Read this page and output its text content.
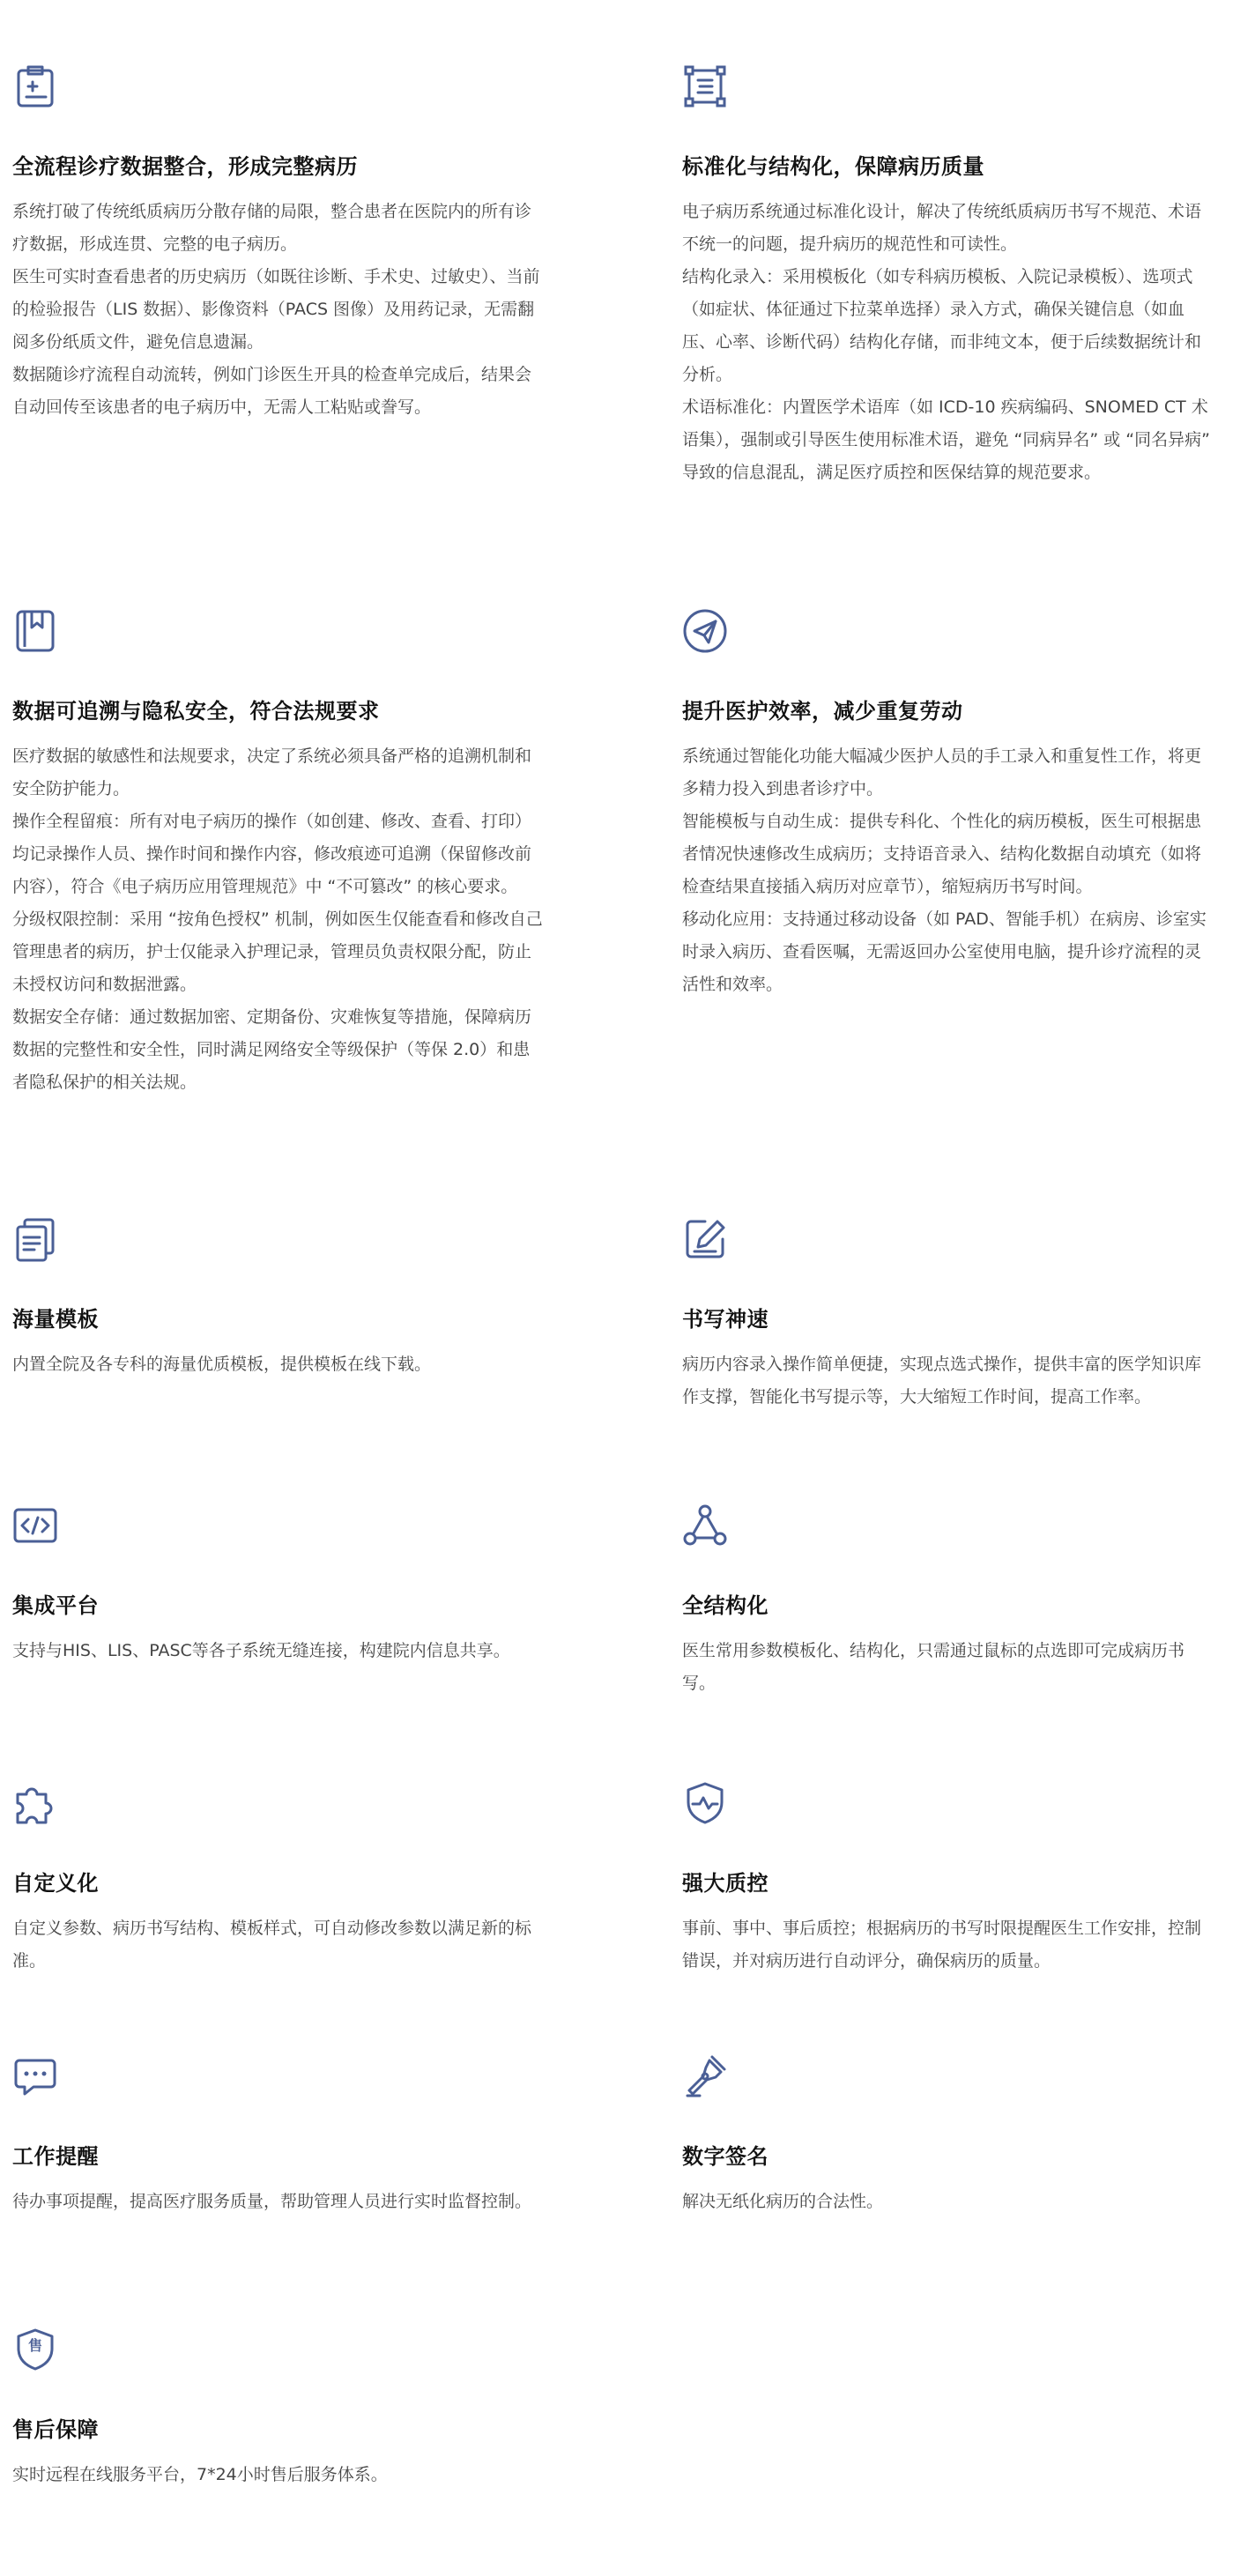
全流程诊疗数据整合，形成完整病历

系统打破了传统纸质病历分散存储的局限，整合患者在医院内的所有诊疗数据，形成连贯、完整的电子病历。

医生可实时查看患者的历史病历（如既往诊断、手术史、过敏史）、当前的检验报告（LIS 数据）、影像资料（PACS 图像）及用药记录，无需翻阅多份纸质文件，避免信息遗漏。

数据随诊疗流程自动流转，例如门诊医生开具的检查单完成后，结果会自动回传至该患者的电子病历中，无需人工粘贴或誊写。

标准化与结构化，保障病历质量

电子病历系统通过标准化设计，解决了传统纸质病历书写不规范、术语不统一的问题，提升病历的规范性和可读性。

结构化录入：采用模板化（如专科病历模板、入院记录模板）、选项式（如症状、体征通过下拉菜单选择）录入方式，确保关键信息（如血压、心率、诊断代码）结构化存储，而非纯文本，便于后续数据统计和分析。

术语标准化：内置医学术语库（如 ICD-10 疾病编码、SNOMED CT 术语集），强制或引导医生使用标准术语，避免 “同病异名” 或 “同名异病” 导致的信息混乱，满足医疗质控和医保结算的规范要求。

数据可追溯与隐私安全，符合法规要求

医疗数据的敏感性和法规要求，决定了系统必须具备严格的追溯机制和安全防护能力。

操作全程留痕：所有对电子病历的操作（如创建、修改、查看、打印）均记录操作人员、操作时间和操作内容，修改痕迹可追溯（保留修改前内容），符合《电子病历应用管理规范》中 “不可篡改” 的核心要求。

分级权限控制：采用 “按角色授权” 机制，例如医生仅能查看和修改自己管理患者的病历，护士仅能录入护理记录，管理员负责权限分配，防止未授权访问和数据泄露。

数据安全存储：通过数据加密、定期备份、灾难恢复等措施，保障病历数据的完整性和安全性，同时满足网络安全等级保护（等保 2.0）和患者隐私保护的相关法规。

提升医护效率，减少重复劳动

系统通过智能化功能大幅减少医护人员的手工录入和重复性工作，将更多精力投入到患者诊疗中。

智能模板与自动生成：提供专科化、个性化的病历模板，医生可根据患者情况快速修改生成病历；支持语音录入、结构化数据自动填充（如将检查结果直接插入病历对应章节），缩短病历书写时间。

移动化应用：支持通过移动设备（如 PAD、智能手机）在病房、诊室实时录入病历、查看医嘱，无需返回办公室使用电脑，提升诊疗流程的灵活性和效率。

海量模板

内置全院及各专科的海量优质模板，提供模板在线下载。

书写神速

病历内容录入操作简单便捷，实现点选式操作，提供丰富的医学知识库作支撑，智能化书写提示等，大大缩短工作时间，提高工作率。

集成平台

支持与HIS、LIS、PASC等各子系统无缝连接，构建院内信息共享。

全结构化

医生常用参数模板化、结构化，只需通过鼠标的点选即可完成病历书写。

自定义化

自定义参数、病历书写结构、模板样式，可自动修改参数以满足新的标准。

强大质控

事前、事中、事后质控；根据病历的书写时限提醒医生工作安排，控制错误，并对病历进行自动评分，确保病历的质量。

工作提醒

待办事项提醒，提高医疗服务质量，帮助管理人员进行实时监督控制。

数字签名

解决无纸化病历的合法性。

售
售后保障

实时远程在线服务平台，7*24小时售后服务体系。
